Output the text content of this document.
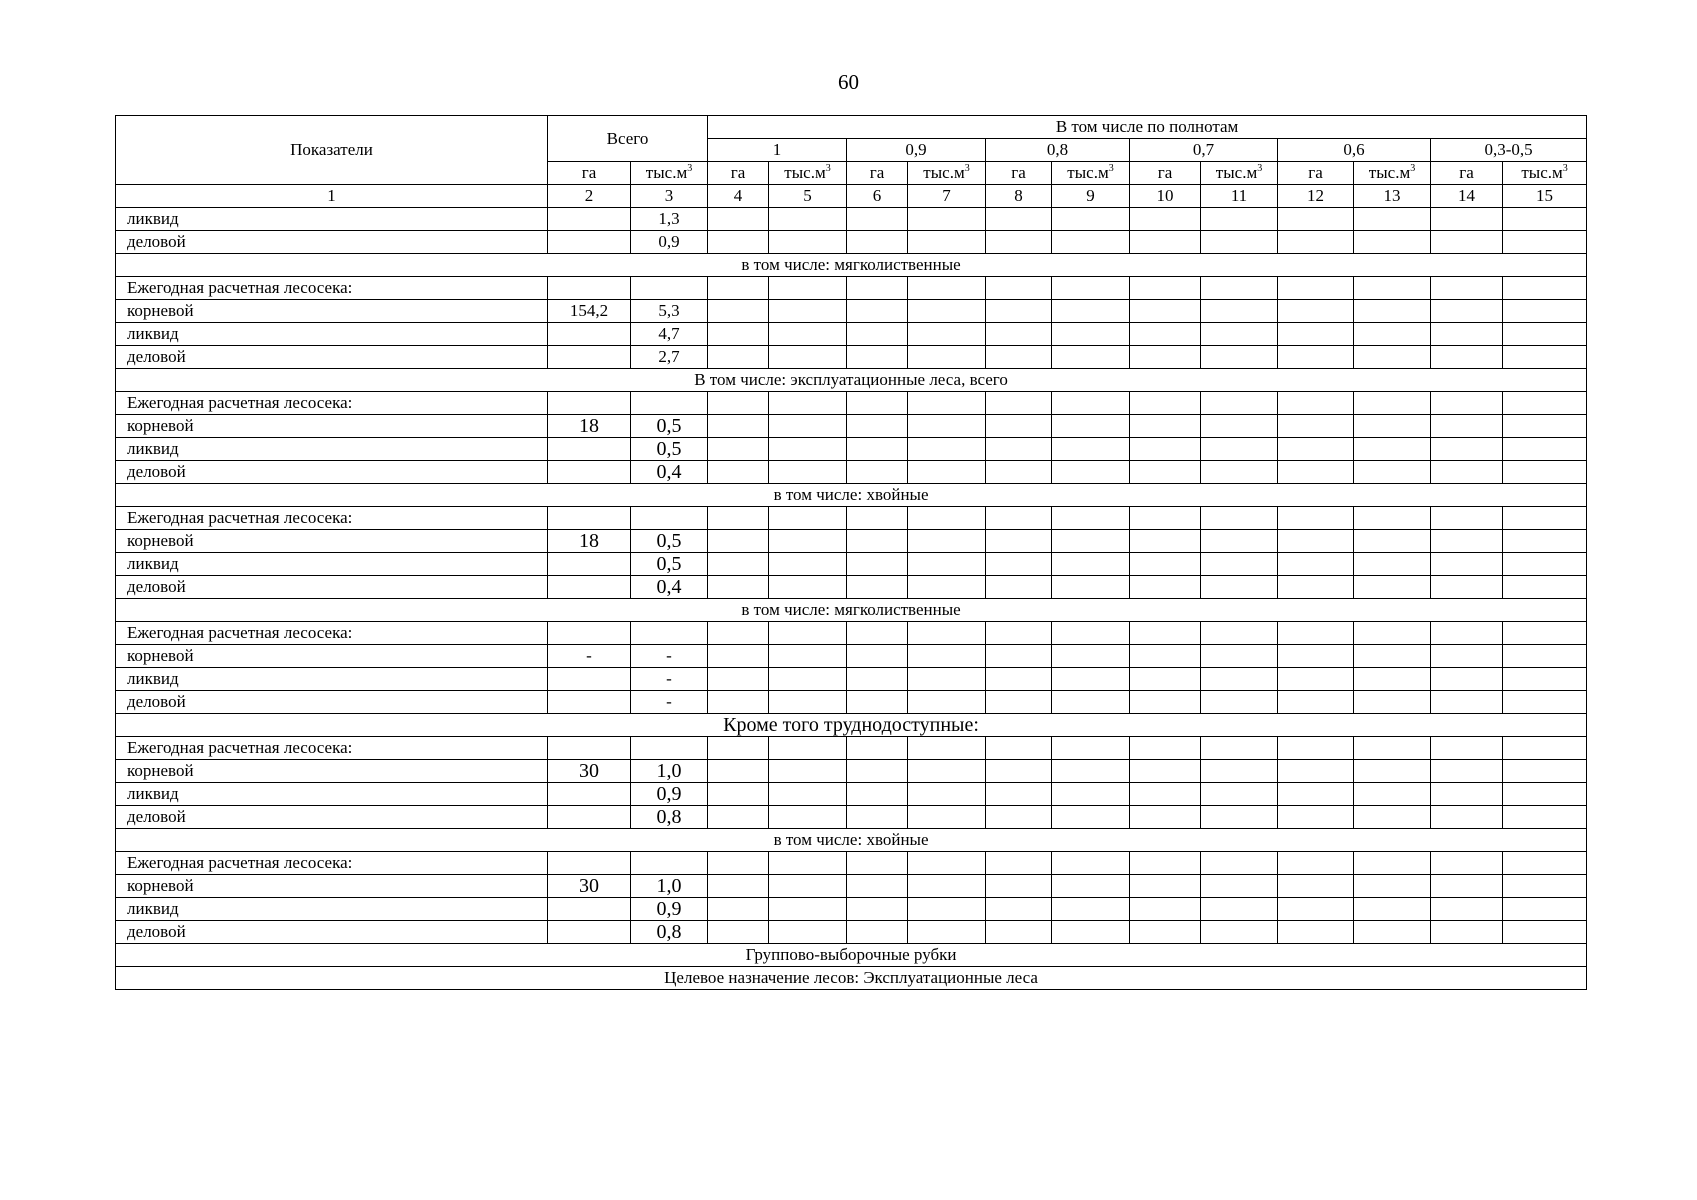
60
Показатели	Всего		В том числе по полнотам											
			1		0,9		0,8		0,7		0,6		0,3-0,5	
	га	$тыс.м^3$	га	$тыс.м^3$	га	$тыс.м^3$	га	$тыс.м^3$	га	$тыс.м^3$	га	$тыс.м^3$	га	$тыс.м^3$
1	2	3	4	5	6	7	8	9	10	11	12	13	14	15
ликвид		1,3												
деловой		0,9												
в том числе: мягколиственные														
Ежегодная расчетная лесосека:														
корневой	154,2	5,3												
ликвид		4,7												
деловой		2,7												
В том числе: эксплуатационные леса, всего														
Ежегодная расчетная лесосека:														
корневой	18	0,5												
ликвид		0,5												
деловой		0,4												
в том числе: хвойные														
Ежегодная расчетная лесосека:														
корневой	18	0,5												
ликвид		0,5												
деловой		0,4												
в том числе: мягколиственные														
Ежегодная расчетная лесосека:														
корневой	-	-												
ликвид		-												
деловой		-												
Кроме того труднодоступные:														
Ежегодная расчетная лесосека:														
корневой	30	1,0												
ликвид		0,9												
деловой		0,8												
в том числе: хвойные														
Ежегодная расчетная лесосека:														
корневой	30	1,0												
ликвид		0,9												
деловой		0,8												
Группово-выборочные рубки														
Целевое назначение лесов: Эксплуатационные леса														
